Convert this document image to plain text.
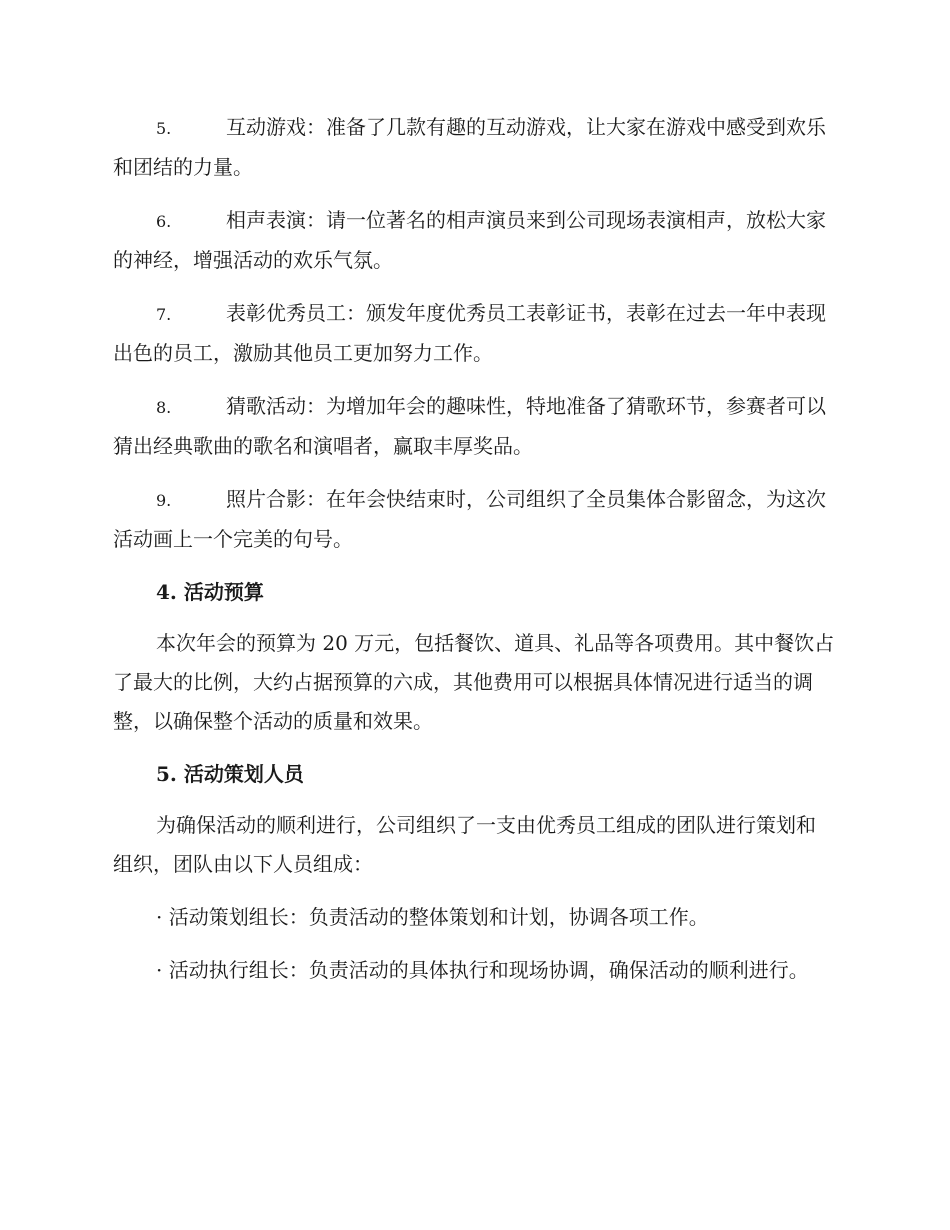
5.	互动游戏：准备了几款有趣的互动游戏，让大家在游戏中感受到欢乐和团结的力量。

6.	相声表演：请一位著名的相声演员来到公司现场表演相声，放松大家的神经，增强活动的欢乐气氛。

7.	表彰优秀员工：颁发年度优秀员工表彰证书，表彰在过去一年中表现出色的员工，激励其他员工更加努力工作。

8.	猜歌活动：为增加年会的趣味性，特地准备了猜歌环节，参赛者可以猜出经典歌曲的歌名和演唱者，赢取丰厚奖品。

9.	照片合影：在年会快结束时，公司组织了全员集体合影留念，为这次活动画上一个完美的句号。

4. 活动预算

本次年会的预算为 20 万元，包括餐饮、道具、礼品等各项费用。其中餐饮占了最大的比例，大约占据预算的六成，其他费用可以根据具体情况进行适当的调整，以确保整个活动的质量和效果。

5. 活动策划人员

为确保活动的顺利进行，公司组织了一支由优秀员工组成的团队进行策划和组织，团队由以下人员组成：

· 活动策划组长：负责活动的整体策划和计划，协调各项工作。

· 活动执行组长：负责活动的具体执行和现场协调，确保活动的顺利进行。
